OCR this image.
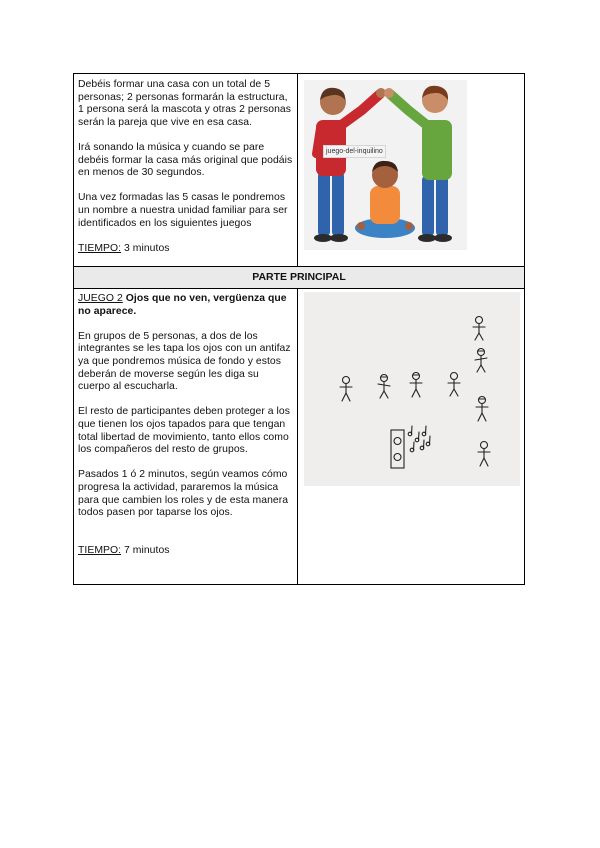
Debéis formar una casa con un total de 5 personas; 2 personas formarán la estructura, 1 persona será la mascota y otras 2 personas serán la pareja que vive en esa casa.

Irá sonando la música y cuando se pare debéis formar la casa más original que podáis en menos de 30 segundos.

Una vez formadas las 5 casas le pondremos un nombre a nuestra unidad familiar para ser identificados en los siguientes juegos

TIEMPO: 3 minutos	juego-del-inquilino

PARTE PRINCIPAL	

JUEGO 2 Ojos que no ven, vergüenza que no aparece.

En grupos de 5 personas, a dos de los integrantes se les tapa los ojos con un antifaz ya que pondremos música de fondo y estos deberán de moverse según les diga su cuerpo al escucharla.

El resto de participantes deben proteger a los que tienen los ojos tapados para que tengan total libertad de movimiento, tanto ellos como los compañeros del resto de grupos.

Pasados 1 ó 2 minutos, según veamos cómo progresa la actividad, pararemos la música para que cambien los roles y de esta manera todos pasen por taparse los ojos.

TIEMPO: 7 minutos
